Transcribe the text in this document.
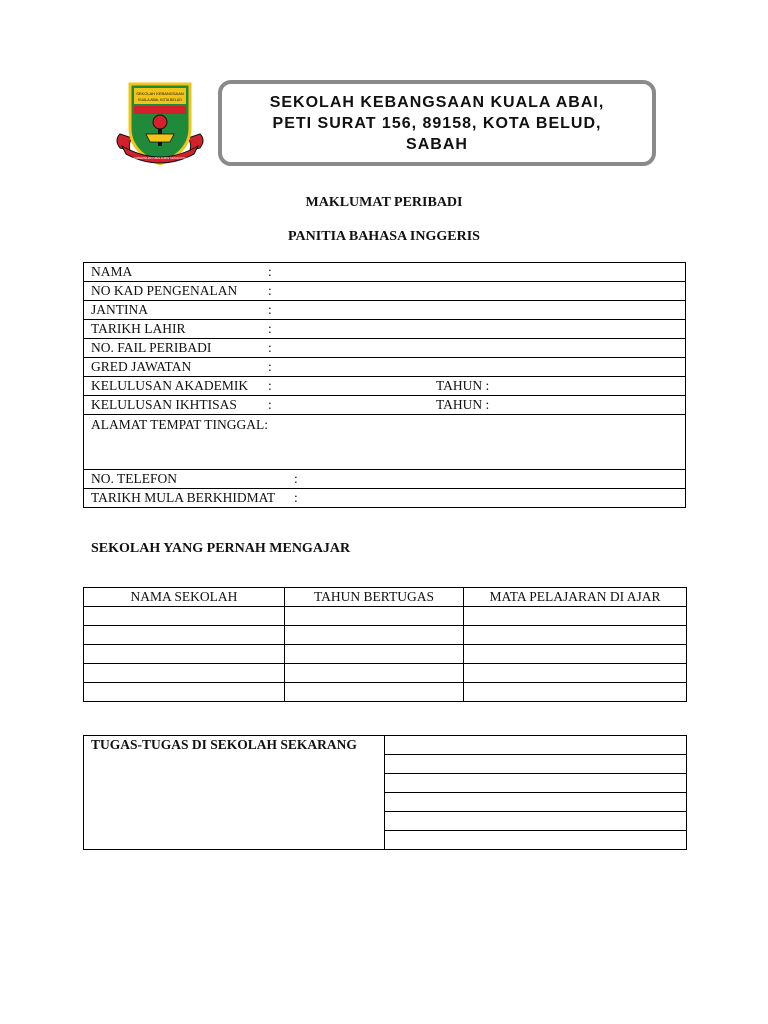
SEKOLAH KEBANGSAAN
KUALA ABAI, KOTA BELUD
KEBERSIHAN MENJAMIN KESIHATAN
SEKOLAH KEBANGSAAN KUALA ABAI,
PETI SURAT 156, 89158, KOTA BELUD,
SABAH
MAKLUMAT PERIBADI
PANITIA BAHASA INGGERIS
NAMA	:
NO KAD PENGENALAN :
JANTINA	:
TARIKH LAHIR	:
NO. FAIL PERIBADI	:
GRED JAWATAN	:
KELULUSAN AKADEMIK :	TAHUN :

KELULUSAN IKHTISAS :	TAHUN :

ALAMAT TEMPAT TINGGAL:
NO. TELEFON	:
TARIKH MULA BERKHIDMAT :
SEKOLAH YANG PERNAH MENGAJAR
NAMA SEKOLAH	TAHUN BERTUGAS	MATA PELAJARAN DI AJAR

TUGAS-TUGAS DI SEKOLAH SEKARANG	
